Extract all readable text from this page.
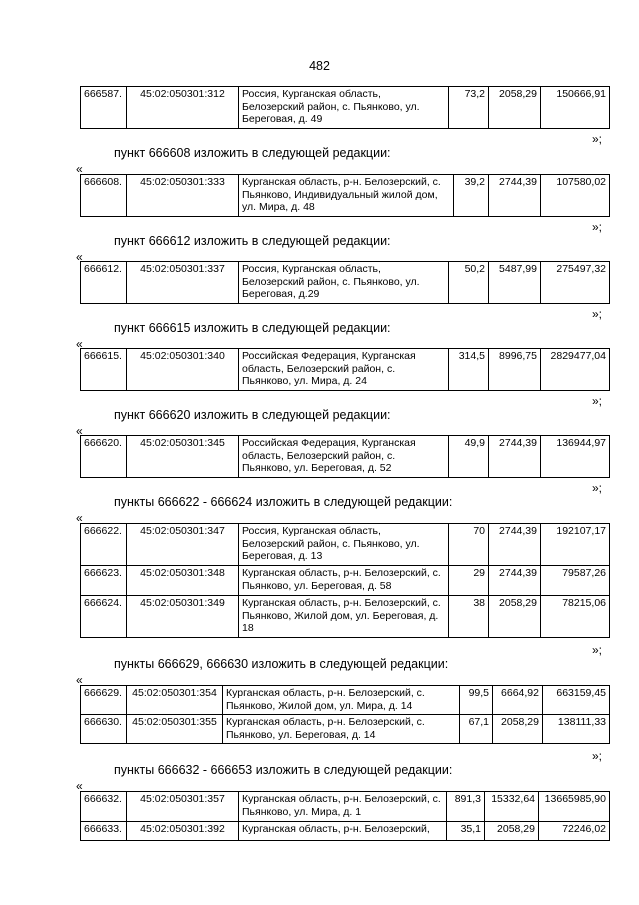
482
666587.	45:02:050301:312	Россия, Курганская область, Белозерский район, с. Пьянково, ул. Береговая, д. 49	73,2	2058,29	150666,91
»;
пункт 666608 изложить в следующей редакции:
«
666608.	45:02:050301:333	Курганская область, р-н. Белозерский, с. Пьянково, Индивидуальный жилой дом, ул. Мира, д. 48	39,2	2744,39	107580,02
»;
пункт 666612 изложить в следующей редакции:
«
666612.	45:02:050301:337	Россия, Курганская область, Белозерский район, с. Пьянково, ул. Береговая, д.29	50,2	5487,99	275497,32
»;
пункт 666615 изложить в следующей редакции:
«
666615.	45:02:050301:340	Российская Федерация, Курганская область, Белозерский район, с. Пьянково, ул. Мира, д. 24	314,5	8996,75	2829477,04
»;
пункт 666620 изложить в следующей редакции:
«
666620.	45:02:050301:345	Российская Федерация, Курганская область, Белозерский район, с. Пьянково, ул. Береговая, д. 52	49,9	2744,39	136944,97
»;
пункты 666622 - 666624 изложить в следующей редакции:
«
666622.	45:02:050301:347	Россия, Курганская область, Белозерский район, с. Пьянково, ул. Береговая, д. 13	70	2744,39	192107,17
666623.	45:02:050301:348	Курганская область, р-н. Белозерский, с. Пьянково, ул. Береговая, д. 58	29	2744,39	79587,26
666624.	45:02:050301:349	Курганская область, р-н. Белозерский, с. Пьянково, Жилой дом, ул. Береговая, д. 18	38	2058,29	78215,06
»;
пункты 666629, 666630 изложить в следующей редакции:
«
666629.	45:02:050301:354	Курганская область, р-н. Белозерский, с. Пьянково, Жилой дом, ул. Мира, д. 14	99,5	6664,92	663159,45
666630.	45:02:050301:355	Курганская область, р-н. Белозерский, с. Пьянково, ул. Береговая, д. 14	67,1	2058,29	138111,33
»;
пункты 666632 - 666653 изложить в следующей редакции:
«
666632.	45:02:050301:357	Курганская область, р-н. Белозерский, с. Пьянково, ул. Мира, д. 1	891,3	15332,64	13665985,90
666633.	45:02:050301:392	Курганская область, р-н. Белозерский,	35,1	2058,29	72246,02
